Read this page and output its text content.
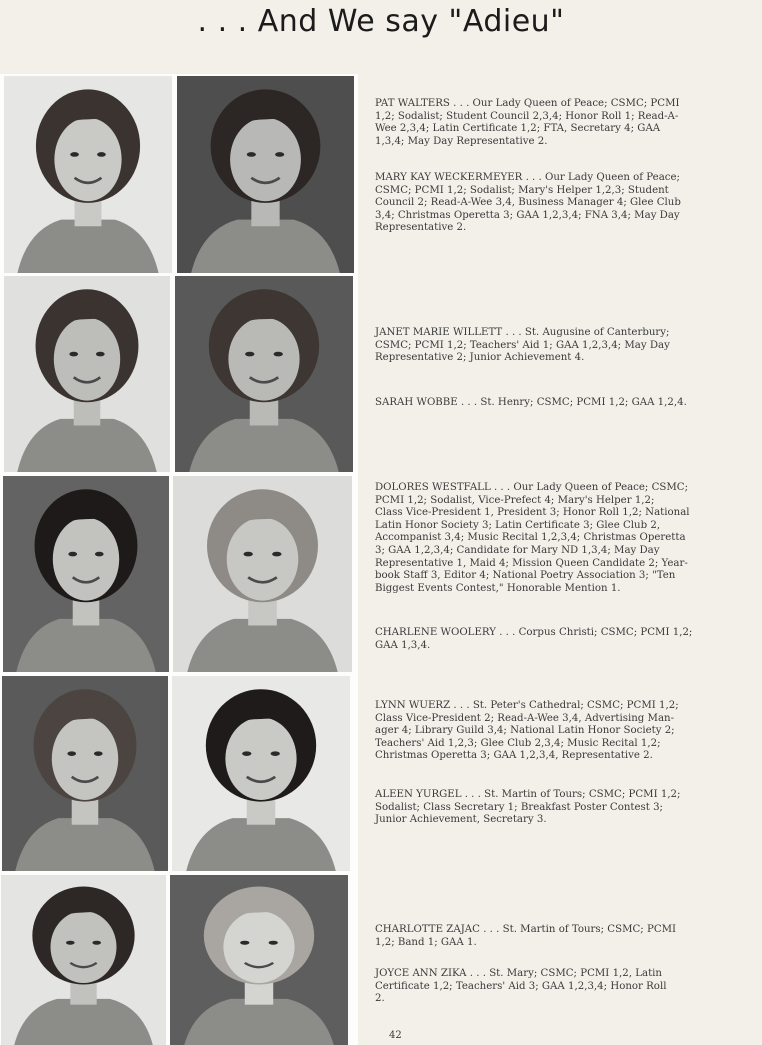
. . . And We say "Adieu"
PAT WALTERS . . . Our Lady Queen of Peace; CSMC; PCMI
1,2; Sodalist; Student Council 2,3,4; Honor Roll 1; Read-A-
Wee 2,3,4; Latin Certificate 1,2; FTA, Secretary 4; GAA
1,3,4; May Day Representative 2.
MARY KAY WECKERMEYER . . . Our Lady Queen of Peace;
CSMC; PCMI 1,2; Sodalist; Mary's Helper 1,2,3; Student
Council 2; Read-A-Wee 3,4, Business Manager 4; Glee Club
3,4; Christmas Operetta 3; GAA 1,2,3,4; FNA 3,4; May Day
Representative 2.
JANET MARIE WILLETT . . . St. Augusine of Canterbury;
CSMC; PCMI 1,2; Teachers' Aid 1; GAA 1,2,3,4; May Day
Representative 2; Junior Achievement 4.
SARAH WOBBE . . . St. Henry; CSMC; PCMI 1,2; GAA 1,2,4.
DOLORES WESTFALL . . . Our Lady Queen of Peace; CSMC;
PCMI 1,2; Sodalist, Vice-Prefect 4; Mary's Helper 1,2;
Class Vice-President 1, President 3; Honor Roll 1,2; National
Latin Honor Society 3; Latin Certificate 3; Glee Club 2,
Accompanist 3,4; Music Recital 1,2,3,4; Christmas Operetta
3; GAA 1,2,3,4; Candidate for Mary ND 1,3,4; May Day
Representative 1, Maid 4; Mission Queen Candidate 2; Year-
book Staff 3, Editor 4; National Poetry Association 3; "Ten
Biggest Events Contest," Honorable Mention 1.
CHARLENE WOOLERY . . . Corpus Christi; CSMC; PCMI 1,2;
GAA 1,3,4.
LYNN WUERZ . . . St. Peter's Cathedral; CSMC; PCMI 1,2;
Class Vice-President 2; Read-A-Wee 3,4, Advertising Man-
ager 4; Library Guild 3,4; National Latin Honor Society 2;
Teachers' Aid 1,2,3; Glee Club 2,3,4; Music Recital 1,2;
Christmas Operetta 3; GAA 1,2,3,4, Representative 2.
ALEEN YURGEL . . . St. Martin of Tours; CSMC; PCMI 1,2;
Sodalist; Class Secretary 1; Breakfast Poster Contest 3;
Junior Achievement, Secretary 3.
CHARLOTTE ZAJAC . . . St. Martin of Tours; CSMC; PCMI
1,2; Band 1; GAA 1.
JOYCE ANN ZIKA . . . St. Mary; CSMC; PCMI 1,2, Latin
Certificate 1,2; Teachers' Aid 3; GAA 1,2,3,4; Honor Roll
2.
42
